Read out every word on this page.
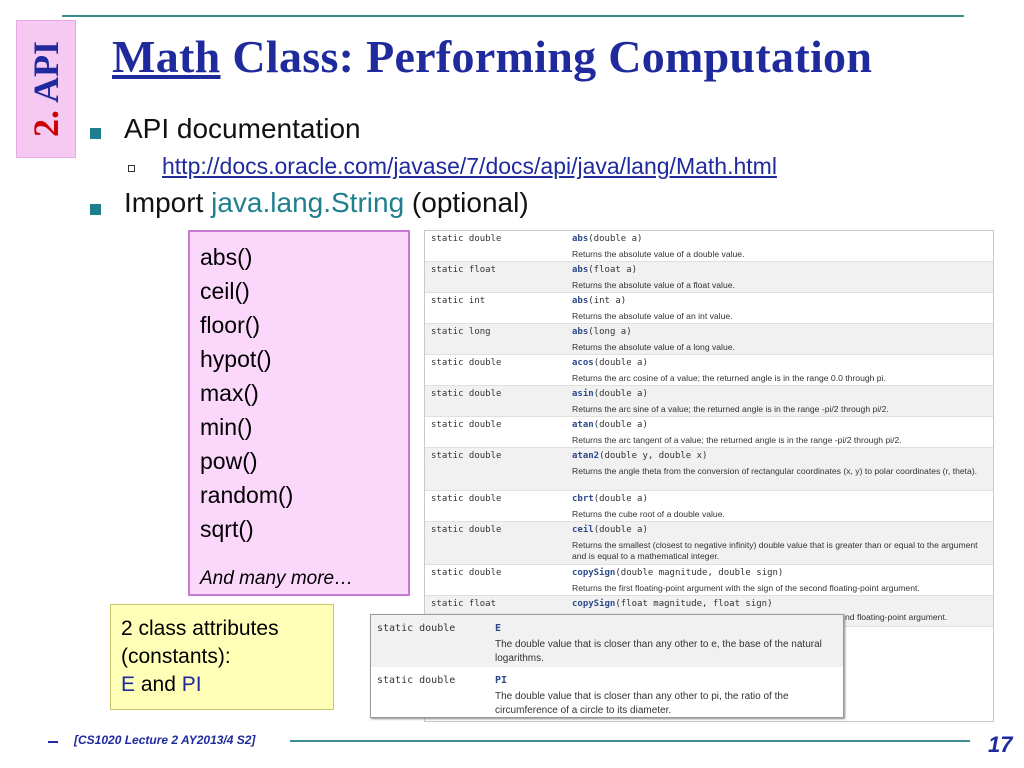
2. API Math Class: Performing Computation
API documentation
http://docs.oracle.com/javase/7/docs/api/java/lang/Math.html
Import java.lang.String (optional)
abs()
ceil()
floor()
hypot()
max()
min()
pow()
random()
sqrt()
And many more…
static double	abs(double a)
Returns the absolute value of a double value.
static float	abs(float a)
Returns the absolute value of a float value.
static int	abs(int a)
Returns the absolute value of an int value.
static long	abs(long a)
Returns the absolute value of a long value.
static double	acos(double a)
Returns the arc cosine of a value; the returned angle is in the range 0.0 through pi.
static double	asin(double a)
Returns the arc sine of a value; the returned angle is in the range -pi/2 through pi/2.
static double	atan(double a)
Returns the arc tangent of a value; the returned angle is in the range -pi/2 through pi/2.
static double	atan2(double y, double x)
Returns the angle theta from the conversion of rectangular coordinates (x, y) to polar coordinates (r, theta).
static double	cbrt(double a)
Returns the cube root of a double value.
static double	ceil(double a)
Returns the smallest (closest to negative infinity) double value that is greater than or equal to the argument and is equal to a mathematical integer.
static double	copySign(double magnitude, double sign)
Returns the first floating-point argument with the sign of the second floating-point argument.
static float	copySign(float magnitude, float sign)
nd floating-point argument.
2 class attributes
(constants):
E and PI
static double	E
The double value that is closer than any other to e, the base of the natural logarithms.
static double	PI
The double value that is closer than any other to pi, the ratio of the circumference of a circle to its diameter.
[CS1020 Lecture 2 AY2013/4 S2]	17
